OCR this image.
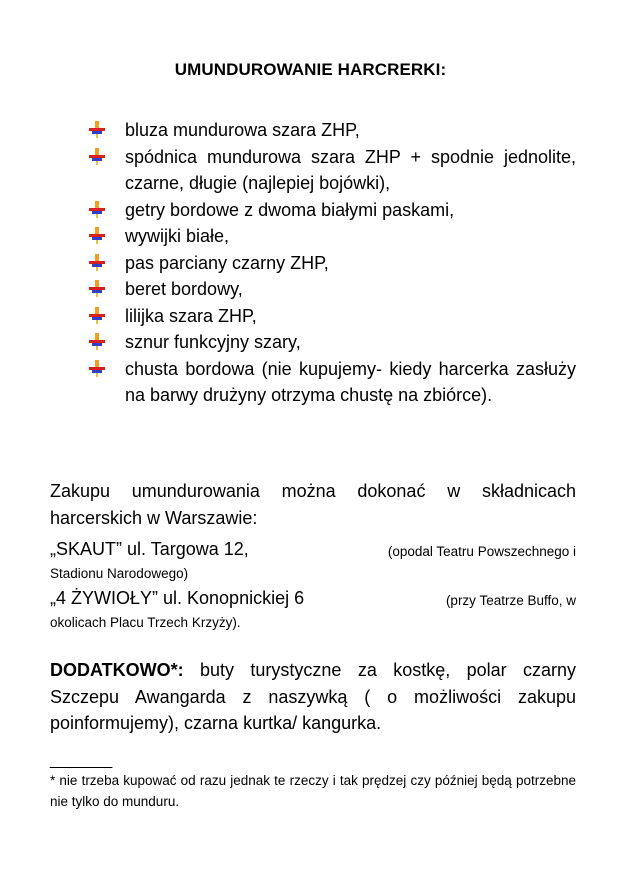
UMUNDUROWANIE HARCRERKI:
bluza mundurowa szara ZHP,
spódnica mundurowa szara ZHP + spodnie jednolite, czarne, długie (najlepiej bojówki),
getry bordowe z dwoma białymi paskami,
wywijki białe,
pas parciany czarny ZHP,
beret bordowy,
lilijka szara ZHP,
sznur funkcyjny szary,
chusta bordowa (nie kupujemy- kiedy harcerka zasłuży na barwy drużyny otrzyma chustę na zbiórce).

Zakupu umundurowania można dokonać w składnicach harcerskich w Warszawie:

„SKAUT” ul. Targowa 12,	(opodal Teatru Powszechnego i
Stadionu Narodowego)
„4 ŻYWIOŁY” ul. Konopnickiej 6	(przy Teatrze Buffo, w
okolicach Placu Trzech Krzyży).

DODATKOWO*: buty turystyczne za kostkę, polar czarny Szczepu Awangarda z naszywką ( o możliwości zakupu poinformujemy), czarna kurtka/ kangurka.

_______

* nie trzeba kupować od razu jednak te rzeczy i tak prędzej czy później będą potrzebne nie tylko do munduru.
